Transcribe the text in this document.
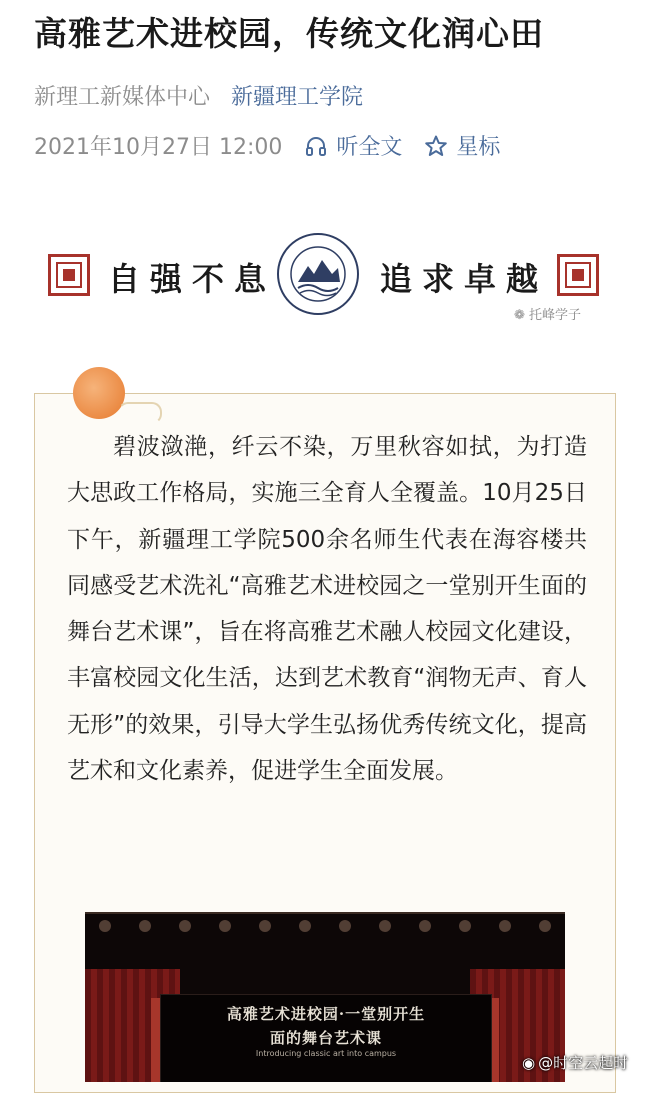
高雅艺术进校园，传统文化润心田
新理工新媒体中心 新疆理工学院
2021年10月27日 12:00 听全文 星标
自强不息	追求卓越
❁ 托峰学子

碧波潋滟，纤云不染，万里秋容如拭，为打造大思政工作格局，实施三全育人全覆盖。10月25日下午，新疆理工学院500余名师生代表在海容楼共同感受艺术洗礼“高雅艺术进校园之一堂别开生面的舞台艺术课”，旨在将高雅艺术融人校园文化建设，丰富校园文化生活，达到艺术教育“润物无声、育人无形”的效果，引导大学生弘扬优秀传统文化，提高艺术和文化素养，促进学生全面发展。

高雅艺术进校园·一堂别开生
面的舞台艺术课
Introducing classic art into campus	◉ @时空云起时
